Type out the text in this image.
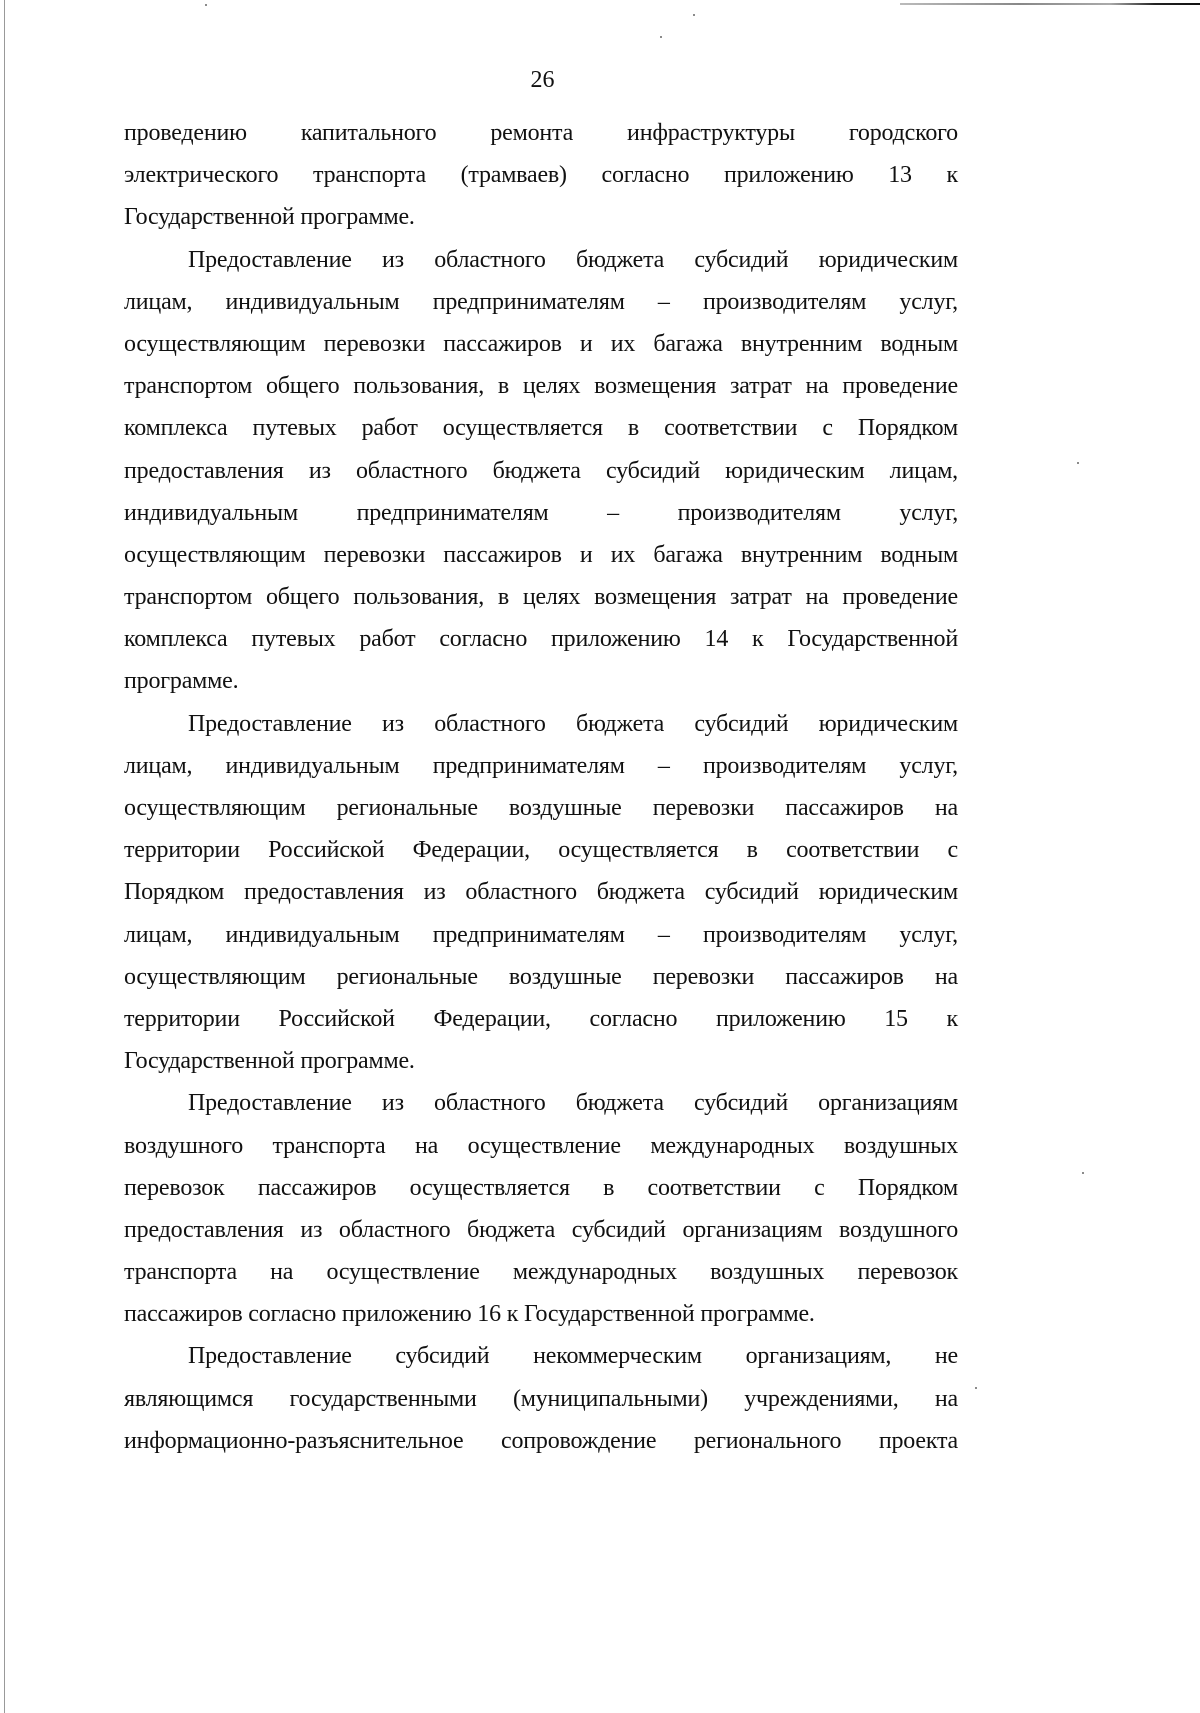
26
проведению капитального ремонта инфраструктуры городского
электрического транспорта (трамваев) согласно приложению 13 к
Государственной программе.
Предоставление из областного бюджета субсидий юридическим
лицам, индивидуальным предпринимателям – производителям услуг,
осуществляющим перевозки пассажиров и их багажа внутренним водным
транспортом общего пользования, в целях возмещения затрат на проведение
комплекса путевых работ осуществляется в соответствии с Порядком
предоставления из областного бюджета субсидий юридическим лицам,
индивидуальным предпринимателям – производителям услуг,
осуществляющим перевозки пассажиров и их багажа внутренним водным
транспортом общего пользования, в целях возмещения затрат на проведение
комплекса путевых работ согласно приложению 14 к Государственной
программе.
Предоставление из областного бюджета субсидий юридическим
лицам, индивидуальным предпринимателям – производителям услуг,
осуществляющим региональные воздушные перевозки пассажиров на
территории Российской Федерации, осуществляется в соответствии с
Порядком предоставления из областного бюджета субсидий юридическим
лицам, индивидуальным предпринимателям – производителям услуг,
осуществляющим региональные воздушные перевозки пассажиров на
территории Российской Федерации, согласно приложению 15 к
Государственной программе.
Предоставление из областного бюджета субсидий организациям
воздушного транспорта на осуществление международных воздушных
перевозок пассажиров осуществляется в соответствии с Порядком
предоставления из областного бюджета субсидий организациям воздушного
транспорта на осуществление международных воздушных перевозок
пассажиров согласно приложению 16 к Государственной программе.
Предоставление субсидий некоммерческим организациям, не
являющимся государственными (муниципальными) учреждениями, на
информационно-разъяснительное сопровождение регионального проекта
